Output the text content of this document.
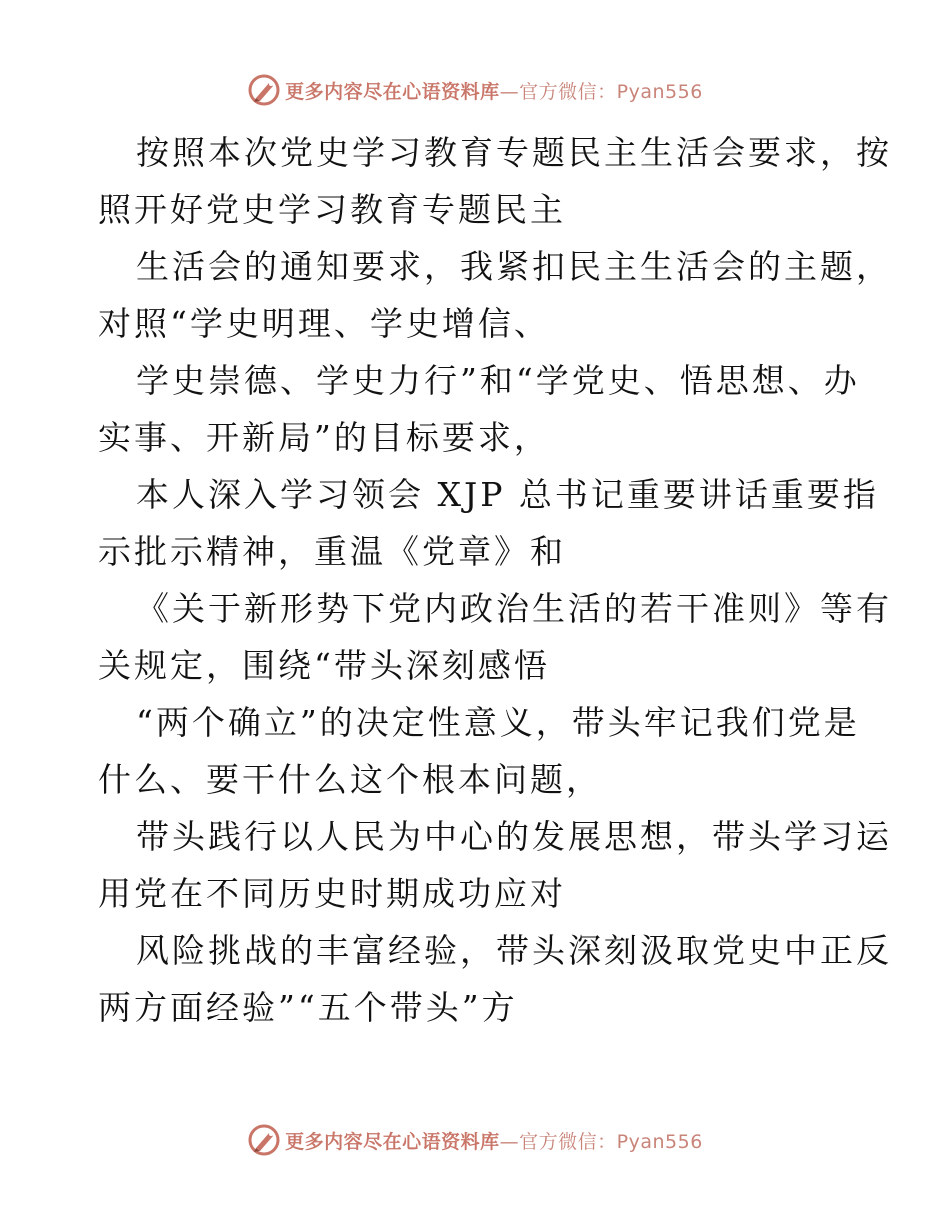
更多内容尽在心语资料库—官方微信：Pyan556
按照本次党史学习教育专题民主生活会要求，按
照开好党史学习教育专题民主
生活会的通知要求，我紧扣民主生活会的主题，
对照“学史明理、学史增信、
学史崇德、学史力行”和“学党史、悟思想、办
实事、开新局”的目标要求，
本人深入学习领会 XJP 总书记重要讲话重要指
示批示精神，重温《党章》和
《关于新形势下党内政治生活的若干准则》等有
关规定，围绕“带头深刻感悟
“两个确立”的决定性意义，带头牢记我们党是
什么、要干什么这个根本问题，
带头践行以人民为中心的发展思想，带头学习运
用党在不同历史时期成功应对
风险挑战的丰富经验，带头深刻汲取党史中正反
两方面经验”“五个带头”方
更多内容尽在心语资料库—官方微信：Pyan556
